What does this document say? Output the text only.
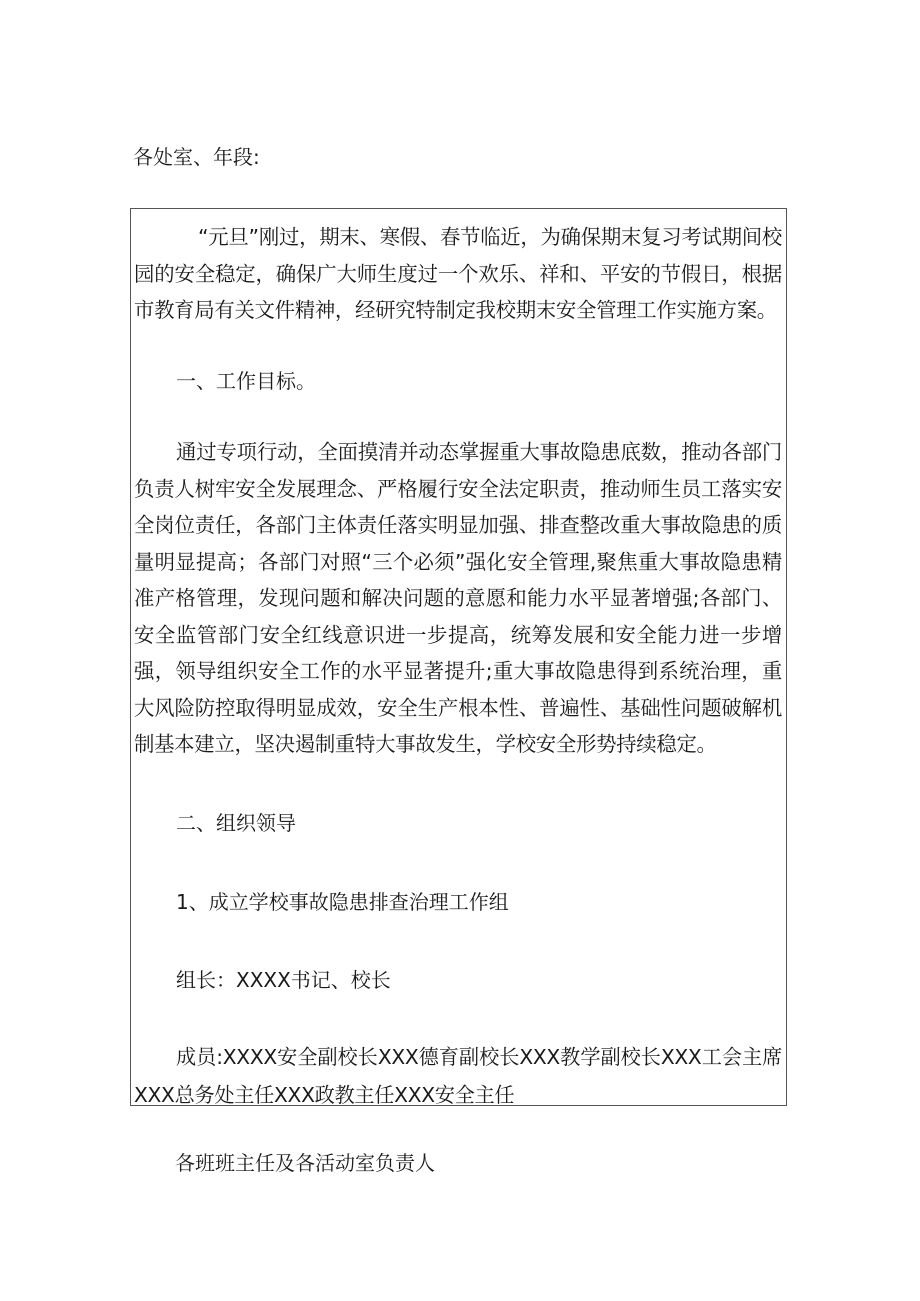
各处室、年段:
“元旦”刚过，期末、寒假、春节临近，为确保期末复习考试期间校园的安全稳定，确保广大师生度过一个欢乐、祥和、平安的节假日，根据市教育局有关文件精神，经研究特制定我校期末安全管理工作实施方案。
一、工作目标。
通过专项行动，全面摸清并动态掌握重大事故隐患底数，推动各部门负责人树牢安全发展理念、严格履行安全法定职责，推动师生员工落实安全岗位责任，各部门主体责任落实明显加强、排查整改重大事故隐患的质量明显提高；各部门对照“三个必须”强化安全管理,聚焦重大事故隐患精准产格管理，发现问题和解决问题的意愿和能力水平显著增强;各部门、安全监管部门安全红线意识进一步提高，统筹发展和安全能力进一步增强，领导组织安全工作的水平显著提升;重大事故隐患得到系统治理，重大风险防控取得明显成效，安全生产根本性、普遍性、基础性问题破解机制基本建立，坚决遏制重特大事故发生，学校安全形势持续稳定。
二、组织领导
1、成立学校事故隐患排查治理工作组
组长：XXXX书记、校长
成员:XXXX安全副校长XXX德育副校长XXX教学副校长XXX工会主席XXX总务处主任XXX政教主任XXX安全主任
各班班主任及各活动室负责人
